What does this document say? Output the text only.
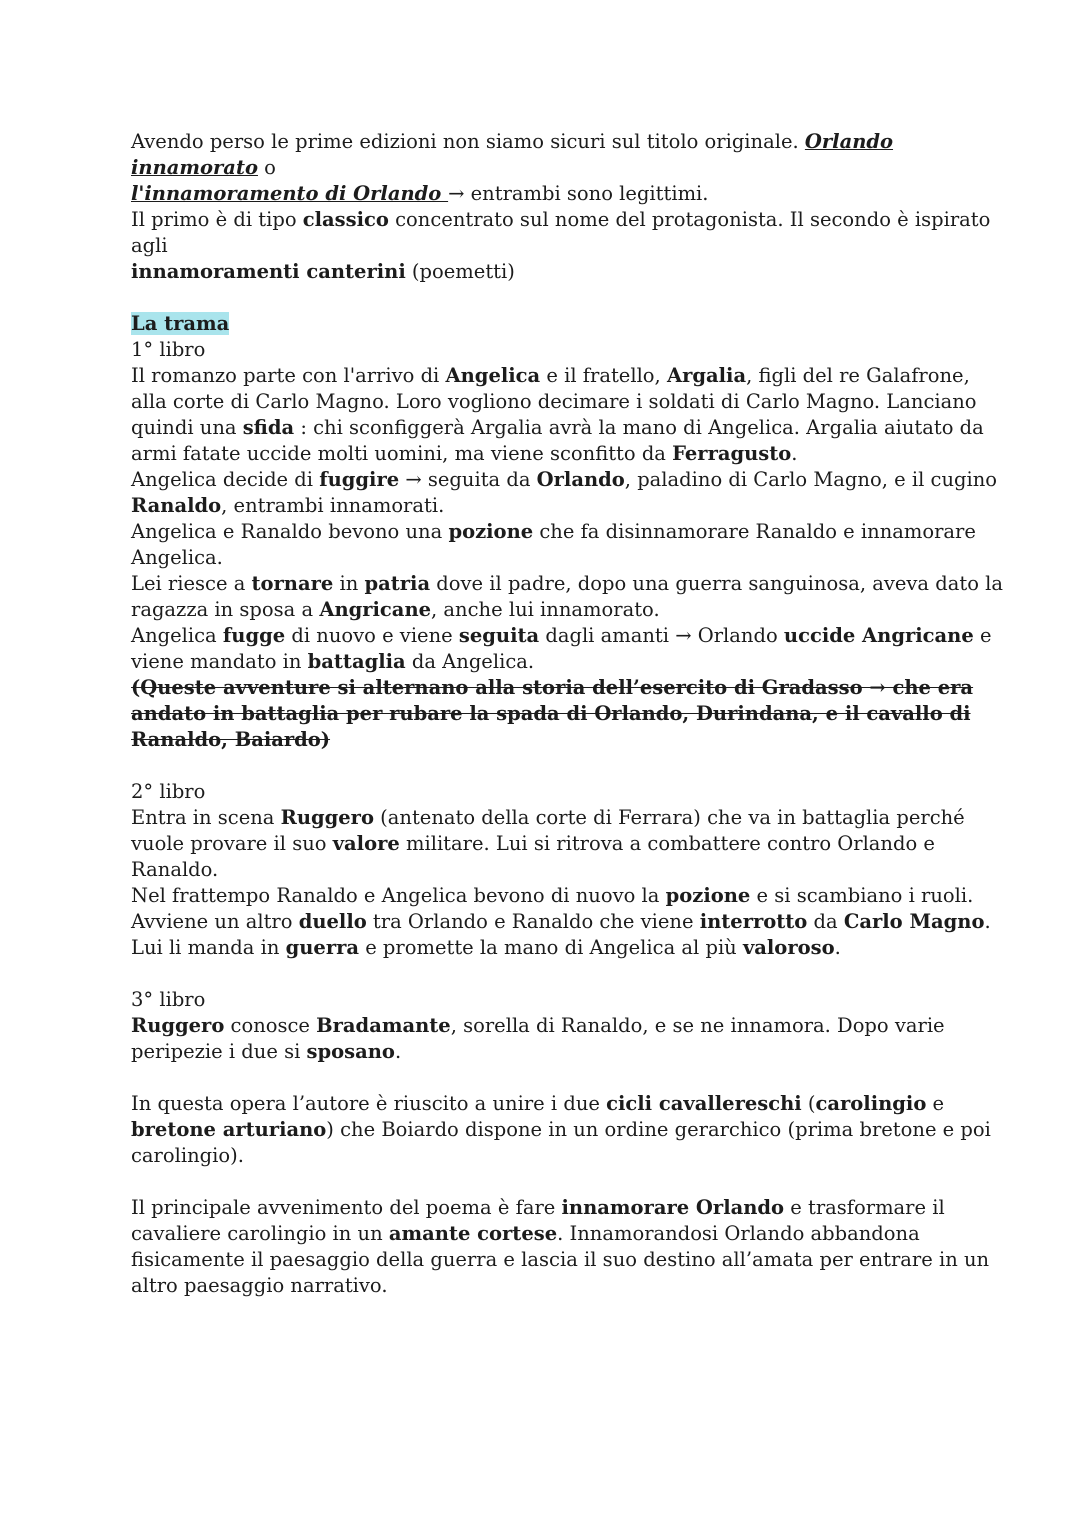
Avendo perso le prime edizioni non siamo sicuri sul titolo originale. Orlando innamorato o
l'innamoramento di Orlando → entrambi sono legittimi.
Il primo è di tipo classico concentrato sul nome del protagonista. Il secondo è ispirato agli
innamoramenti canterini (poemetti)

La trama

1° libro

Il romanzo parte con l'arrivo di Angelica e il fratello, Argalia, figli del re Galafrone, alla corte di Carlo Magno. Loro vogliono decimare i soldati di Carlo Magno. Lanciano quindi una sfida : chi sconfiggerà Argalia avrà la mano di Angelica. Argalia aiutato da armi fatate uccide molti uomini, ma viene sconfitto da Ferragusto.

Angelica decide di fuggire → seguita da Orlando, paladino di Carlo Magno, e il cugino Ranaldo, entrambi innamorati.

Angelica e Ranaldo bevono una pozione che fa disinnamorare Ranaldo e innamorare Angelica.

Lei riesce a tornare in patria dove il padre, dopo una guerra sanguinosa, aveva dato la ragazza in sposa a Angricane, anche lui innamorato.

Angelica fugge di nuovo e viene seguita dagli amanti → Orlando uccide Angricane e viene mandato in battaglia da Angelica.

(Queste avventure si alternano alla storia dell’esercito di Gradasso → che era andato in battaglia per rubare la spada di Orlando, Durindana, e il cavallo di Ranaldo, Baiardo)

2° libro

Entra in scena Ruggero (antenato della corte di Ferrara) che va in battaglia perché vuole provare il suo valore militare. Lui si ritrova a combattere contro Orlando e Ranaldo.

Nel frattempo Ranaldo e Angelica bevono di nuovo la pozione e si scambiano i ruoli. Avviene un altro duello tra Orlando e Ranaldo che viene interrotto da Carlo Magno. Lui li manda in guerra e promette la mano di Angelica al più valoroso.

3° libro

Ruggero conosce Bradamante, sorella di Ranaldo, e se ne innamora. Dopo varie peripezie i due si sposano.

In questa opera l’autore è riuscito a unire i due cicli cavallereschi (carolingio e bretone arturiano) che Boiardo dispone in un ordine gerarchico (prima bretone e poi carolingio).

Il principale avvenimento del poema è fare innamorare Orlando e trasformare il cavaliere carolingio in un amante cortese. Innamorandosi Orlando abbandona fisicamente il paesaggio della guerra e lascia il suo destino all’amata per entrare in un altro paesaggio narrativo.
